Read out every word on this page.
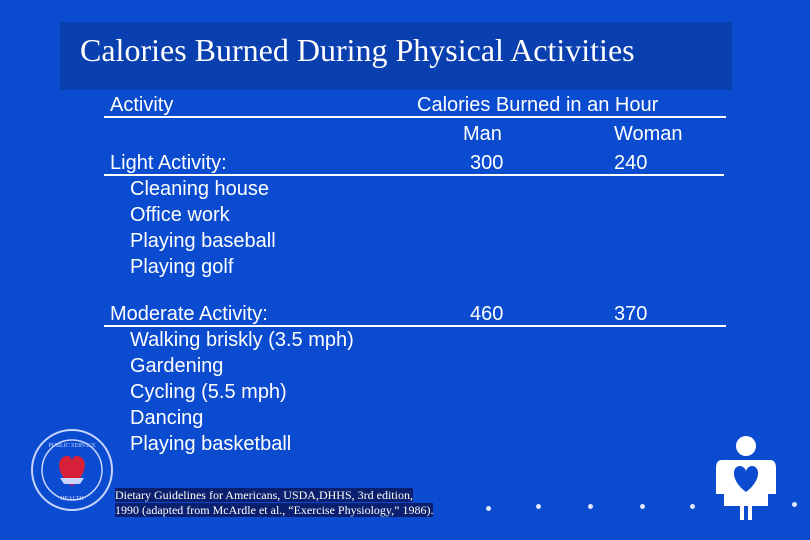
Calories Burned During Physical Activities
Activity	Calories Burned in an Hour
Man	Woman
Light Activity:	300	240
Cleaning house
Office work
Playing baseball
Playing golf
Moderate Activity:	460	370
Walking briskly (3.5 mph)
Gardening
Cycling (5.5 mph)
Dancing
Playing basketball
Dietary Guidelines for Americans, USDA,DHHS, 3rd edition,
1990 (adapted from McArdle et al., “Exercise Physiology,” 1986).
PUBLIC SERVICE
HEALTH
